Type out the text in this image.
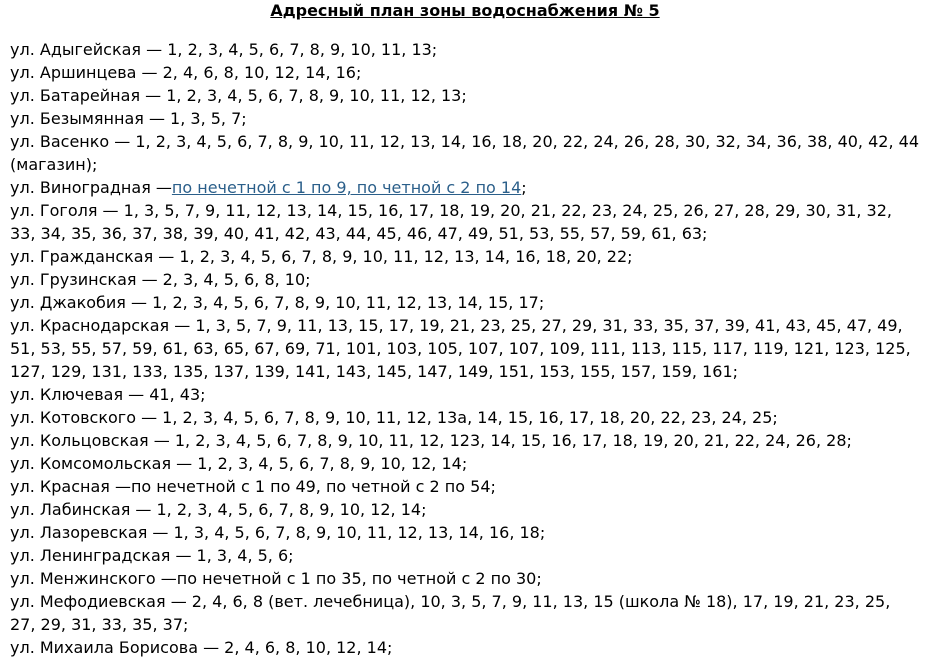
Адресный план зоны водоснабжения № 5
ул. Адыгейская — 1, 2, 3, 4, 5, 6, 7, 8, 9, 10, 11, 13;
ул. Аршинцева — 2, 4, 6, 8, 10, 12, 14, 16;
ул. Батарейная — 1, 2, 3, 4, 5, 6, 7, 8, 9, 10, 11, 12, 13;
ул. Безымянная — 1, 3, 5, 7;
ул. Васенко — 1, 2, 3, 4, 5, 6, 7, 8, 9, 10, 11, 12, 13, 14, 16, 18, 20, 22, 24, 26, 28, 30, 32, 34, 36, 38, 40, 42, 44 (магазин);
ул. Виноградная —по нечетной с 1 по 9, по четной с 2 по 14;
ул. Гоголя — 1, 3, 5, 7, 9, 11, 12, 13, 14, 15, 16, 17, 18, 19, 20, 21, 22, 23, 24, 25, 26, 27, 28, 29, 30, 31, 32, 33, 34, 35, 36, 37, 38, 39, 40, 41, 42, 43, 44, 45, 46, 47, 49, 51, 53, 55, 57, 59, 61, 63;
ул. Гражданская — 1, 2, 3, 4, 5, 6, 7, 8, 9, 10, 11, 12, 13, 14, 16, 18, 20, 22;
ул. Грузинская — 2, 3, 4, 5, 6, 8, 10;
ул. Джакобия — 1, 2, 3, 4, 5, 6, 7, 8, 9, 10, 11, 12, 13, 14, 15, 17;
ул. Краснодарская — 1, 3, 5, 7, 9, 11, 13, 15, 17, 19, 21, 23, 25, 27, 29, 31, 33, 35, 37, 39, 41, 43, 45, 47, 49, 51, 53, 55, 57, 59, 61, 63, 65, 67, 69, 71, 101, 103, 105, 107, 107, 109, 111, 113, 115, 117, 119, 121, 123, 125, 127, 129, 131, 133, 135, 137, 139, 141, 143, 145, 147, 149, 151, 153, 155, 157, 159, 161;
ул. Ключевая — 41, 43;
ул. Котовского — 1, 2, 3, 4, 5, 6, 7, 8, 9, 10, 11, 12, 13а, 14, 15, 16, 17, 18, 20, 22, 23, 24, 25;
ул. Кольцовская — 1, 2, 3, 4, 5, 6, 7, 8, 9, 10, 11, 12, 123, 14, 15, 16, 17, 18, 19, 20, 21, 22, 24, 26, 28;
ул. Комсомольская — 1, 2, 3, 4, 5, 6, 7, 8, 9, 10, 12, 14;
ул. Красная —по нечетной с 1 по 49, по четной с 2 по 54;
ул. Лабинская — 1, 2, 3, 4, 5, 6, 7, 8, 9, 10, 12, 14;
ул. Лазоревская — 1, 3, 4, 5, 6, 7, 8, 9, 10, 11, 12, 13, 14, 16, 18;
ул. Ленинградская — 1, 3, 4, 5, 6;
ул. Менжинского —по нечетной с 1 по 35, по четной с 2 по 30;
ул. Мефодиевская — 2, 4, 6, 8 (вет. лечебница), 10, 3, 5, 7, 9, 11, 13, 15 (школа № 18), 17, 19, 21, 23, 25, 27, 29, 31, 33, 35, 37;
ул. Михаила Борисова — 2, 4, 6, 8, 10, 12, 14;
